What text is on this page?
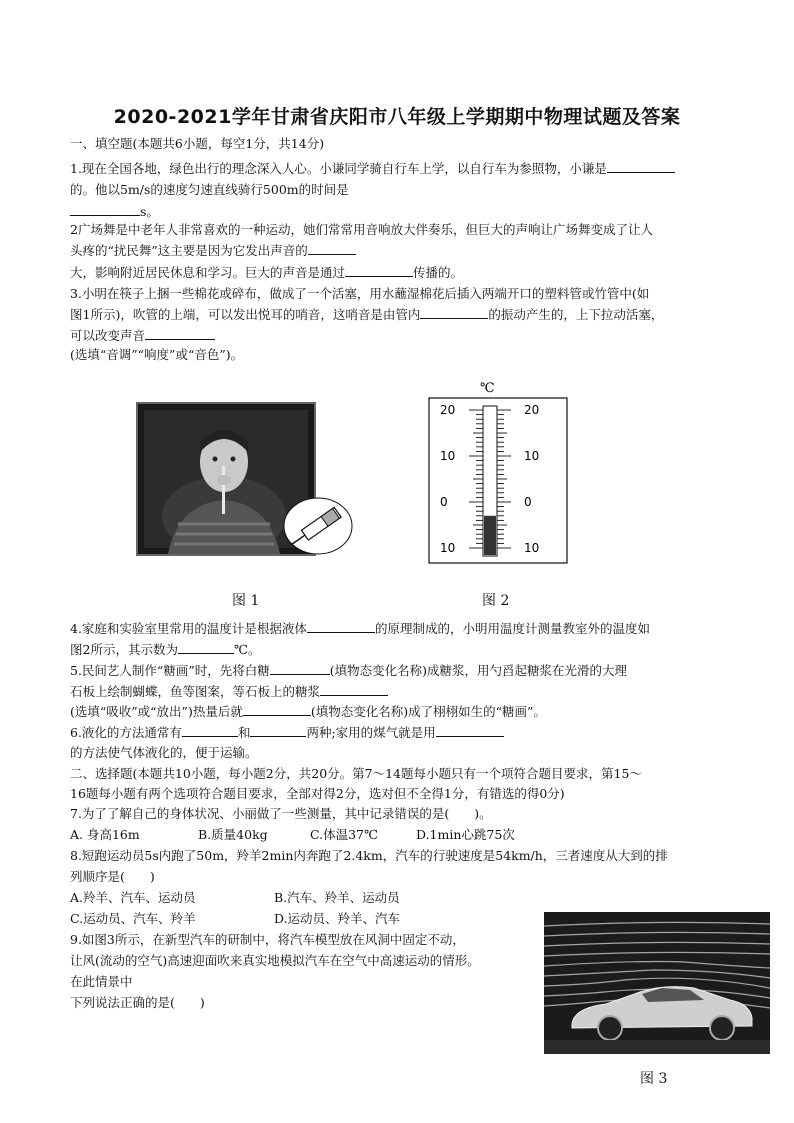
2020-2021学年甘肃省庆阳市八年级上学期期中物理试题及答案
一、填空题(本题共6小题，每空1分，共14分)
1.现在全国各地，绿色出行的理念深入人心。小谦同学骑自行车上学，以自行车为参照物，小谦是
的。他以5m/s的速度匀速直线骑行500m的时间是
s。
2广场舞是中老年人非常喜欢的一种运动，她们常常用音响放大伴奏乐，但巨大的声响让广场舞变成了让人
头疼的“扰民舞”这主要是因为它发出声音的
大，影响附近居民休息和学习。巨大的声音是通过	传播的。
3.小明在筷子上捆一些棉花或碎布，做成了一个活塞，用水蘸湿棉花后插入两端开口的塑料管或竹管中(如
图1所示)，吹管的上端，可以发出悦耳的哨音，这哨音是由管内	的振动产生的，上下拉动活塞，
可以改变声音
(选填“音调”“响度”或“音色”)。
图 1
℃
20	20
10	10
0	0
10	10
图 2
4.家庭和实验室里常用的温度计是根据液体	的原理制成的，小明用温度计测量教室外的温度如
图2所示，其示数为	℃。
5.民间艺人制作“糖画”时，先将白糖	(填物态变化名称)成糖浆，用勺舀起糖浆在光滑的大理
石板上绘制蝴蝶，鱼等图案，等石板上的糖浆
(选填“吸收”或“放出”)热量后就	(填物态变化名称)成了栩栩如生的“糖画”。
6.液化的方法通常有	和	两种;家用的煤气就是用
的方法使气体液化的，便于运输。
二、选择题(本题共10小题，每小题2分，共20分。第7～14题每小题只有一个项符合题目要求，第15～
16题每小题有两个选项符合题目要求，全部对得2分，选对但不全得1分，有错选的得0分)
7.为了了解自己的身体状况、小丽做了一些测量，其中记录错误的是(　　)。
A. 身高16m	B.质量40kg	C.体温37℃	D.1min心跳75次
8.短跑运动员5s内跑了50m，羚羊2min内奔跑了2.4km，汽车的行驶速度是54km/h，三者速度从大到的排
列顺序是(　　)
A.羚羊、汽车、运动员	B.汽车、羚羊、运动员
C.运动员、汽车、羚羊	D.运动员、羚羊、汽车
9.如图3所示，在新型汽车的研制中，将汽车模型放在风洞中固定不动，
让风(流动的空气)高速迎面吹来真实地模拟汽车在空气中高速运动的情形。
在此情景中
下列说法正确的是(　　)
图 3
